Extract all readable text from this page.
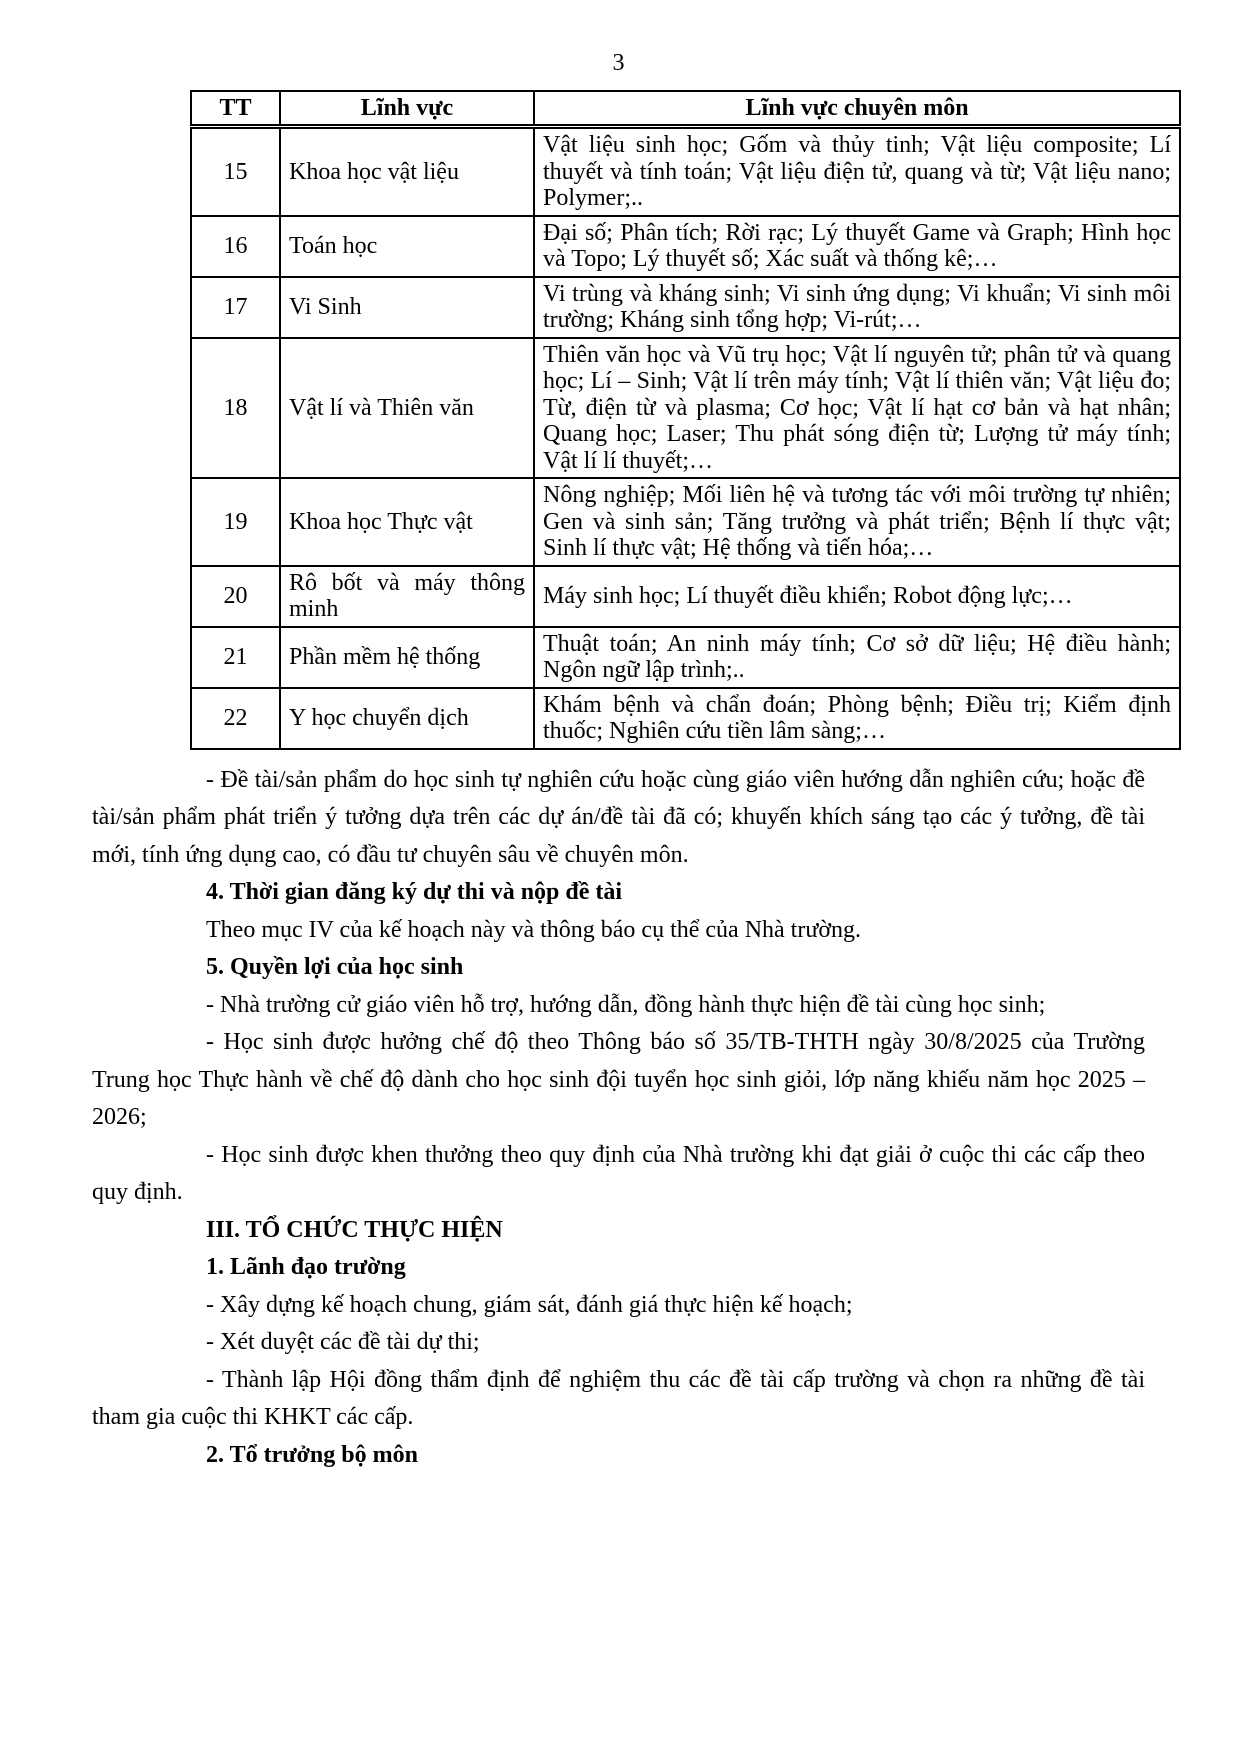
3
TT	Lĩnh vực	Lĩnh vực chuyên môn
15	Khoa học vật liệu	Vật liệu sinh học; Gốm và thủy tinh; Vật liệu composite; Lí thuyết và tính toán; Vật liệu điện tử, quang và từ; Vật liệu nano; Polymer;..
16	Toán học	Đại số; Phân tích; Rời rạc; Lý thuyết Game và Graph; Hình học và Topo; Lý thuyết số; Xác suất và thống kê;…
17	Vi Sinh	Vi trùng và kháng sinh; Vi sinh ứng dụng; Vi khuẩn; Vi sinh môi trường; Kháng sinh tổng hợp; Vi-rút;…
18	Vật lí và Thiên văn	Thiên văn học và Vũ trụ học; Vật lí nguyên tử; phân tử và quang học; Lí – Sinh; Vật lí trên máy tính; Vật lí thiên văn; Vật liệu đo; Từ, điện từ và plasma; Cơ học; Vật lí hạt cơ bản và hạt nhân; Quang học; Laser; Thu phát sóng điện từ; Lượng tử máy tính; Vật lí lí thuyết;…
19	Khoa học Thực vật	Nông nghiệp; Mối liên hệ và tương tác với môi trường tự nhiên; Gen và sinh sản; Tăng trưởng và phát triển; Bệnh lí thực vật; Sinh lí thực vật; Hệ thống và tiến hóa;…
20	Rô bốt và máy thông minh	Máy sinh học; Lí thuyết điều khiển; Robot động lực;…
21	Phần mềm hệ thống	Thuật toán; An ninh máy tính; Cơ sở dữ liệu; Hệ điều hành; Ngôn ngữ lập trình;..
22	Y học chuyển dịch	Khám bệnh và chẩn đoán; Phòng bệnh; Điều trị; Kiểm định thuốc; Nghiên cứu tiền lâm sàng;…

- Đề tài/sản phẩm do học sinh tự nghiên cứu hoặc cùng giáo viên hướng dẫn nghiên cứu; hoặc đề tài/sản phẩm phát triển ý tưởng dựa trên các dự án/đề tài đã có; khuyến khích sáng tạo các ý tưởng, đề tài mới, tính ứng dụng cao, có đầu tư chuyên sâu về chuyên môn.

4. Thời gian đăng ký dự thi và nộp đề tài

Theo mục IV của kế hoạch này và thông báo cụ thể của Nhà trường.

5. Quyền lợi của học sinh

- Nhà trường cử giáo viên hỗ trợ, hướng dẫn, đồng hành thực hiện đề tài cùng học sinh;

- Học sinh được hưởng chế độ theo Thông báo số 35/TB-THTH ngày 30/8/2025 của Trường Trung học Thực hành về chế độ dành cho học sinh đội tuyển học sinh giỏi, lớp năng khiếu năm học 2025 – 2026;

- Học sinh được khen thưởng theo quy định của Nhà trường khi đạt giải ở cuộc thi các cấp theo quy định.

III. TỔ CHỨC THỰC HIỆN

1. Lãnh đạo trường

- Xây dựng kế hoạch chung, giám sát, đánh giá thực hiện kế hoạch;

- Xét duyệt các đề tài dự thi;

- Thành lập Hội đồng thẩm định để nghiệm thu các đề tài cấp trường và chọn ra những đề tài tham gia cuộc thi KHKT các cấp.

2. Tổ trưởng bộ môn
